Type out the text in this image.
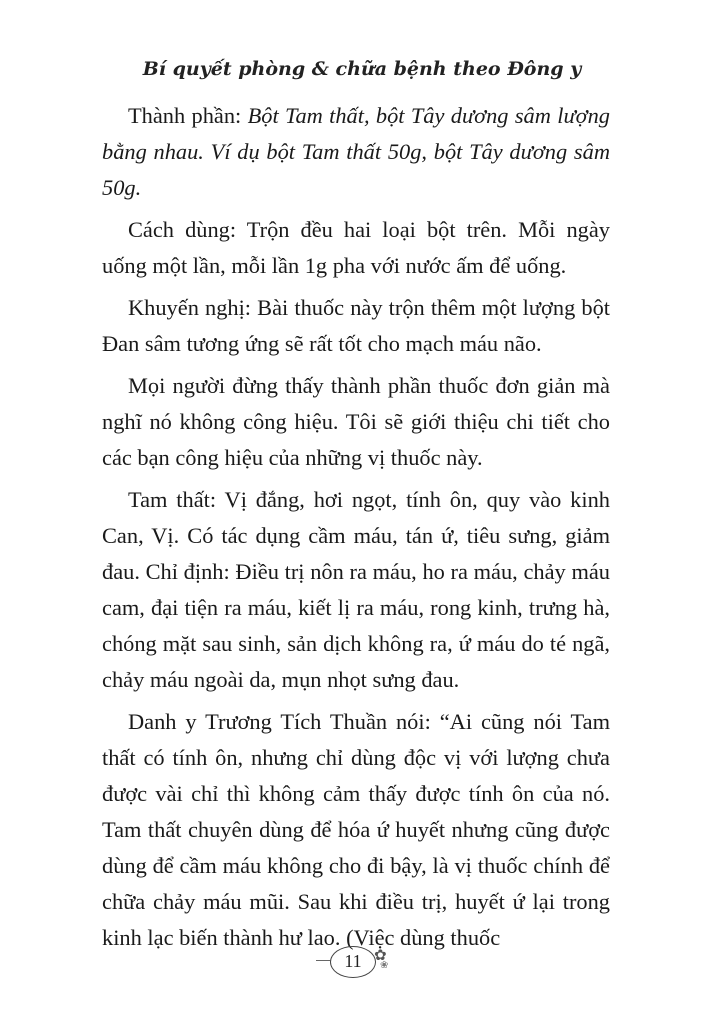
Bí quyết phòng & chữa bệnh theo Đông y

Thành phần: Bột Tam thất, bột Tây dương sâm lượng bằng nhau. Ví dụ bột Tam thất 50g, bột Tây dương sâm 50g.

Cách dùng: Trộn đều hai loại bột trên. Mỗi ngày uống một lần, mỗi lần 1g pha với nước ấm để uống.

Khuyến nghị: Bài thuốc này trộn thêm một lượng bột Đan sâm tương ứng sẽ rất tốt cho mạch máu não.

Mọi người đừng thấy thành phần thuốc đơn giản mà nghĩ nó không công hiệu. Tôi sẽ giới thiệu chi tiết cho các bạn công hiệu của những vị thuốc này.

Tam thất: Vị đắng, hơi ngọt, tính ôn, quy vào kinh Can, Vị. Có tác dụng cầm máu, tán ứ, tiêu sưng, giảm đau. Chỉ định: Điều trị nôn ra máu, ho ra máu, chảy máu cam, đại tiện ra máu, kiết lị ra máu, rong kinh, trưng hà, chóng mặt sau sinh, sản dịch không ra, ứ máu do té ngã, chảy máu ngoài da, mụn nhọt sưng đau.

Danh y Trương Tích Thuần nói: “Ai cũng nói Tam thất có tính ôn, nhưng chỉ dùng độc vị với lượng chưa được vài chỉ thì không cảm thấy được tính ôn của nó. Tam thất chuyên dùng để hóa ứ huyết nhưng cũng được dùng để cầm máu không cho đi bậy, là vị thuốc chính để chữa chảy máu mũi. Sau khi điều trị, huyết ứ lại trong kinh lạc biến thành hư lao. (Việc dùng thuốc

11 ✿
❀
